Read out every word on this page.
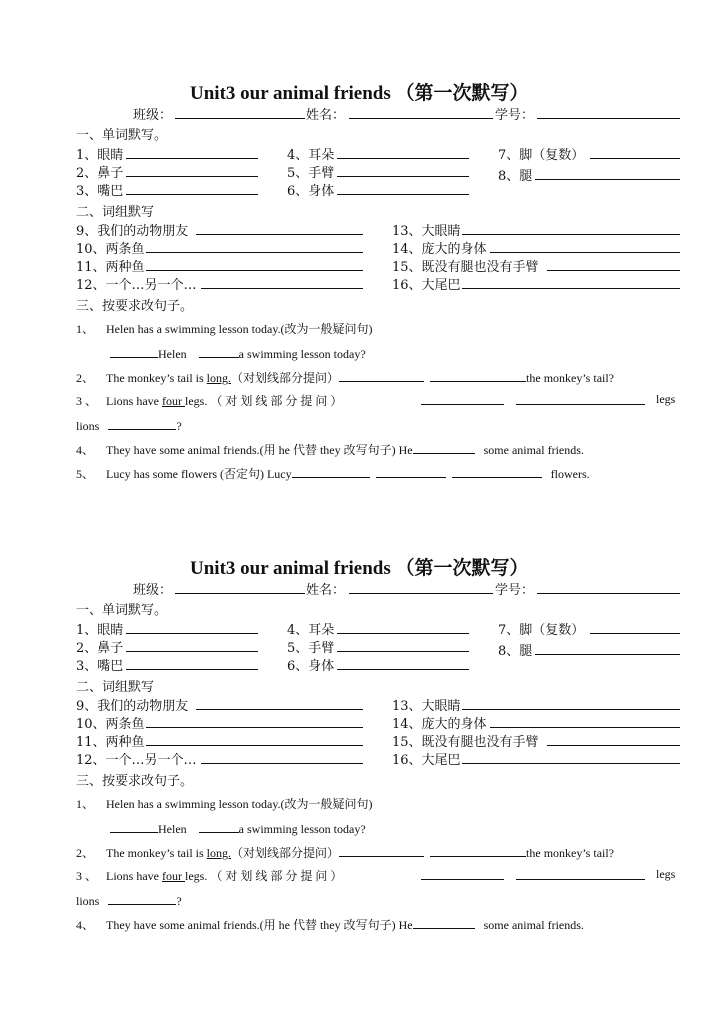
Unit3 our animal friends （第一次默写）
班级：	姓名：	学号：
一、单词默写。
1、眼睛
2、鼻子
3、嘴巴
4、耳朵
5、手臂
6、身体
7、脚（复数）
8、腿
二、词组默写
9、我们的动物朋友
10、两条鱼
11、两种鱼
12、一个…另一个…
13、大眼睛
14、庞大的身体
15、既没有腿也没有手臂
16、大尾巴
三、按要求改句子。
1、 Helen has a swimming lesson today.(改为一般疑问句)
Helen	a swimming lesson today?
2、 The monkey’s tail is long.（对划线部分提问）	the monkey’s tail?
3 、 Lions have four legs. （ 对 划 线 部 分 提 问 ）	legs
lions	?
4、 They have some animal friends.(用 he 代替 they 改写句子) He	some animal friends.
5、 Lucy has some flowers (否定句) Lucy	flowers.
Unit3 our animal friends （第一次默写）
班级：	姓名：	学号：
一、单词默写。
1、眼睛
2、鼻子
3、嘴巴
4、耳朵
5、手臂
6、身体
7、脚（复数）
8、腿
二、词组默写
9、我们的动物朋友
10、两条鱼
11、两种鱼
12、一个…另一个…
13、大眼睛
14、庞大的身体
15、既没有腿也没有手臂
16、大尾巴
三、按要求改句子。
1、 Helen has a swimming lesson today.(改为一般疑问句)
Helen	a swimming lesson today?
2、 The monkey’s tail is long.（对划线部分提问）	the monkey’s tail?
3 、 Lions have four legs. （ 对 划 线 部 分 提 问 ）	legs
lions	?
4、 They have some animal friends.(用 he 代替 they 改写句子) He	some animal friends.
